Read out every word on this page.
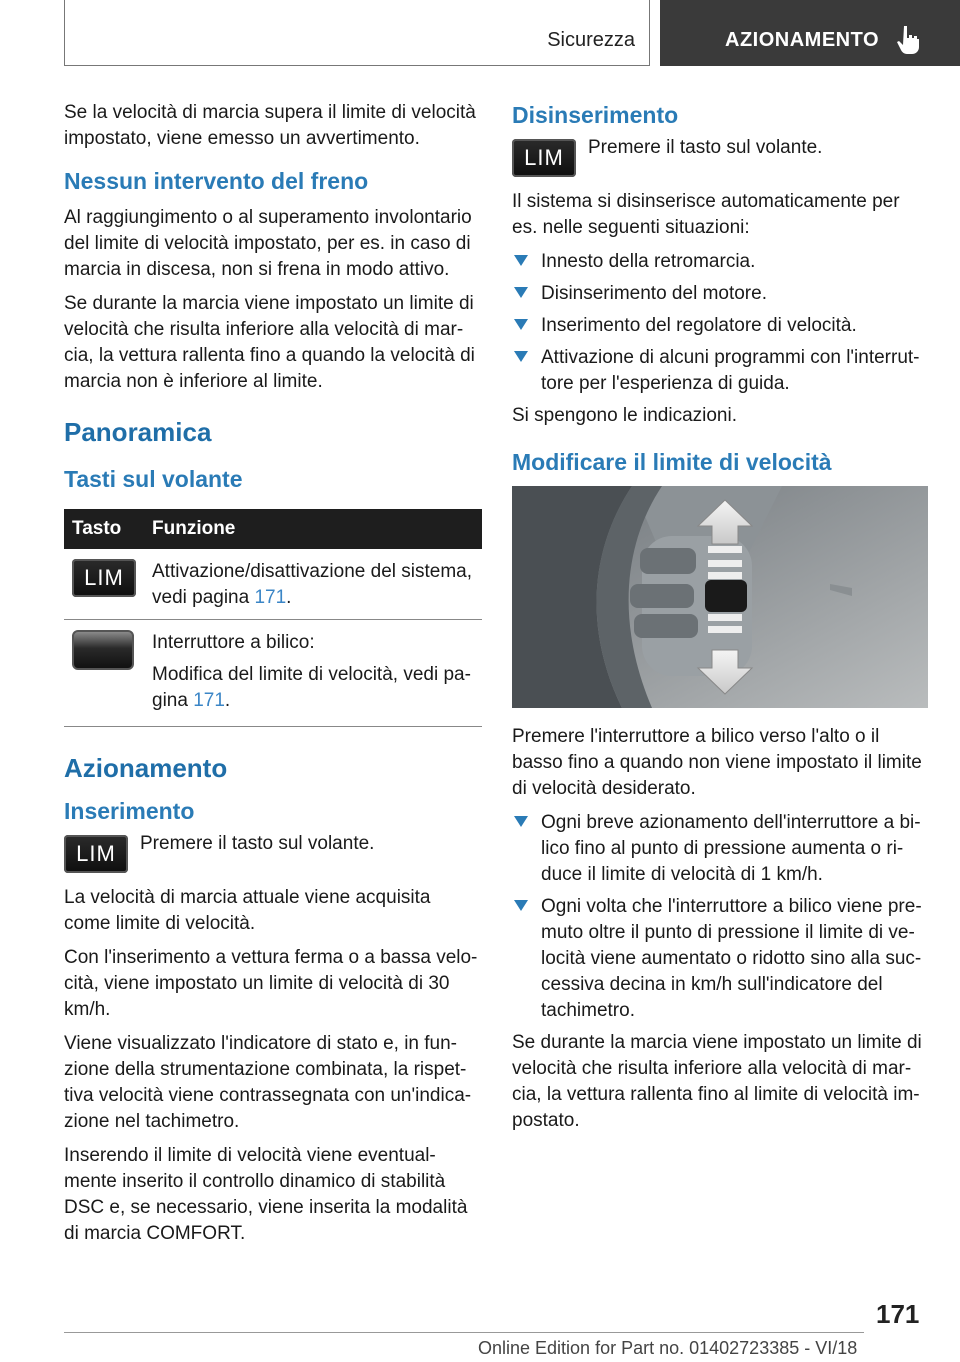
Sicurezza	AZIONAMENTO

Se la velocità di marcia supera il limite di velocità impostato, viene emesso un avvertimento.

Nessun intervento del freno

Al raggiungimento o al superamento involontario del limite di velocità impostato, per es. in caso di marcia in discesa, non si frena in modo attivo.

Se durante la marcia viene impostato un limite di velocità che risulta inferiore alla velocità di mar-cia, la vettura rallenta fino a quando la velocità di marcia non è inferiore al limite.

Panoramica
Tasti sul volante
Tasto	Funzione
LIM	Attivazione/disattivazione del sistema, vedi pagina 171.

	Interruttore a bilico:

Modifica del limite di velocità, vedi pa-gina 171.

Azionamento
Inserimento
LIM	Premere il tasto sul volante.

La velocità di marcia attuale viene acquisita come limite di velocità.

Con l'inserimento a vettura ferma o a bassa velo-cità, viene impostato un limite di velocità di 30 km/h.

Viene visualizzato l'indicatore di stato e, in fun-zione della strumentazione combinata, la rispet-tiva velocità viene contrassegnata con un'indica-zione nel tachimetro.

Inserendo il limite di velocità viene eventual-mente inserito il controllo dinamico di stabilità DSC e, se necessario, viene inserita la modalità di marcia COMFORT.

Disinserimento
LIM	Premere il tasto sul volante.

Il sistema si disinserisce automaticamente per es. nelle seguenti situazioni:

Innesto della retromarcia.
Disinserimento del motore.
Inserimento del regolatore di velocità.
Attivazione di alcuni programmi con l'interrut-tore per l'esperienza di guida.

Si spengono le indicazioni.

Modificare il limite di velocità

Premere l'interruttore a bilico verso l'alto o il basso fino a quando non viene impostato il limite di velocità desiderato.

Ogni breve azionamento dell'interruttore a bi-lico fino al punto di pressione aumenta o ri-duce il limite di velocità di 1 km/h.
Ogni volta che l'interruttore a bilico viene pre-muto oltre il punto di pressione il limite di ve-locità viene aumentato o ridotto sino alla suc-cessiva decina in km/h sull'indicatore del tachimetro.

Se durante la marcia viene impostato un limite di velocità che risulta inferiore alla velocità di mar-cia, la vettura rallenta fino al limite di velocità im-postato.

171
Online Edition for Part no. 01402723385 - VI/18
